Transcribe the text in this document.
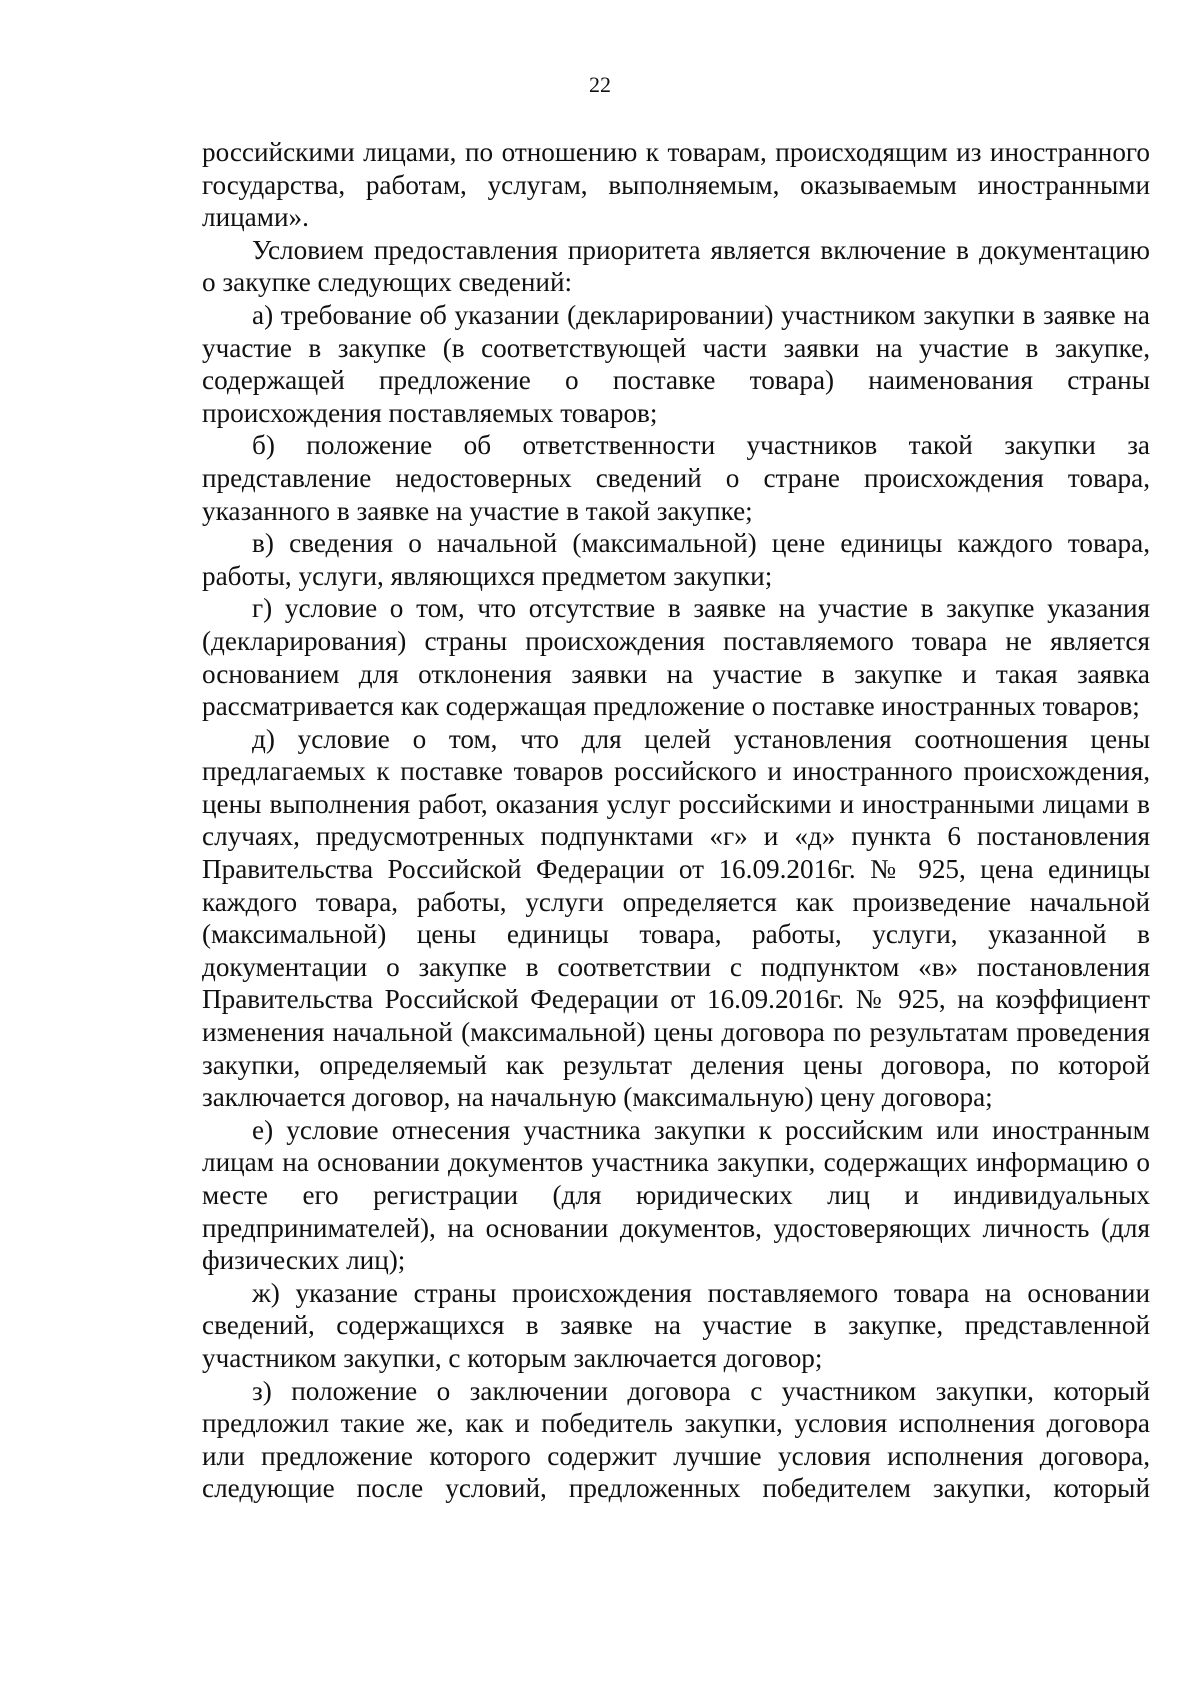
22

российскими лицами, по отношению к товарам, происходящим из иностранного государства, работам, услугам, выполняемым, оказываемым иностранными лицами».

Условием предоставления приоритета является включение в документацию о закупке следующих сведений:

а) требование об указании (декларировании) участником закупки в заявке на участие в закупке (в соответствующей части заявки на участие в закупке, содержащей предложение о поставке товара) наименования страны происхождения поставляемых товаров;

б) положение об ответственности участников такой закупки за представление недостоверных сведений о стране происхождения товара, указанного в заявке на участие в такой закупке;

в) сведения о начальной (максимальной) цене единицы каждого товара, работы, услуги, являющихся предметом закупки;

г) условие о том, что отсутствие в заявке на участие в закупке указания (декларирования) страны происхождения поставляемого товара не является основанием для отклонения заявки на участие в закупке и такая заявка рассматривается как содержащая предложение о поставке иностранных товаров;

д) условие о том, что для целей установления соотношения цены предлагаемых к поставке товаров российского и иностранного происхождения, цены выполнения работ, оказания услуг российскими и иностранными лицами в случаях, предусмотренных подпунктами «г» и «д» пункта 6 постановления Правительства Российской Федерации от 16.09.2016г. № 925, цена единицы каждого товара, работы, услуги определяется как произведение начальной (максимальной) цены единицы товара, работы, услуги, указанной в документации о закупке в соответствии с подпунктом «в» постановления Правительства Российской Федерации от 16.09.2016г. № 925, на коэффициент изменения начальной (максимальной) цены договора по результатам проведения закупки, определяемый как результат деления цены договора, по которой заключается договор, на начальную (максимальную) цену договора;

е) условие отнесения участника закупки к российским или иностранным лицам на основании документов участника закупки, содержащих информацию о месте его регистрации (для юридических лиц и индивидуальных предпринимателей), на основании документов, удостоверяющих личность (для физических лиц);

ж) указание страны происхождения поставляемого товара на основании сведений, содержащихся в заявке на участие в закупке, представленной участником закупки, с которым заключается договор;

з) положение о заключении договора с участником закупки, который предложил такие же, как и победитель закупки, условия исполнения договора или предложение которого содержит лучшие условия исполнения договора, следующие после условий, предложенных победителем закупки, который
